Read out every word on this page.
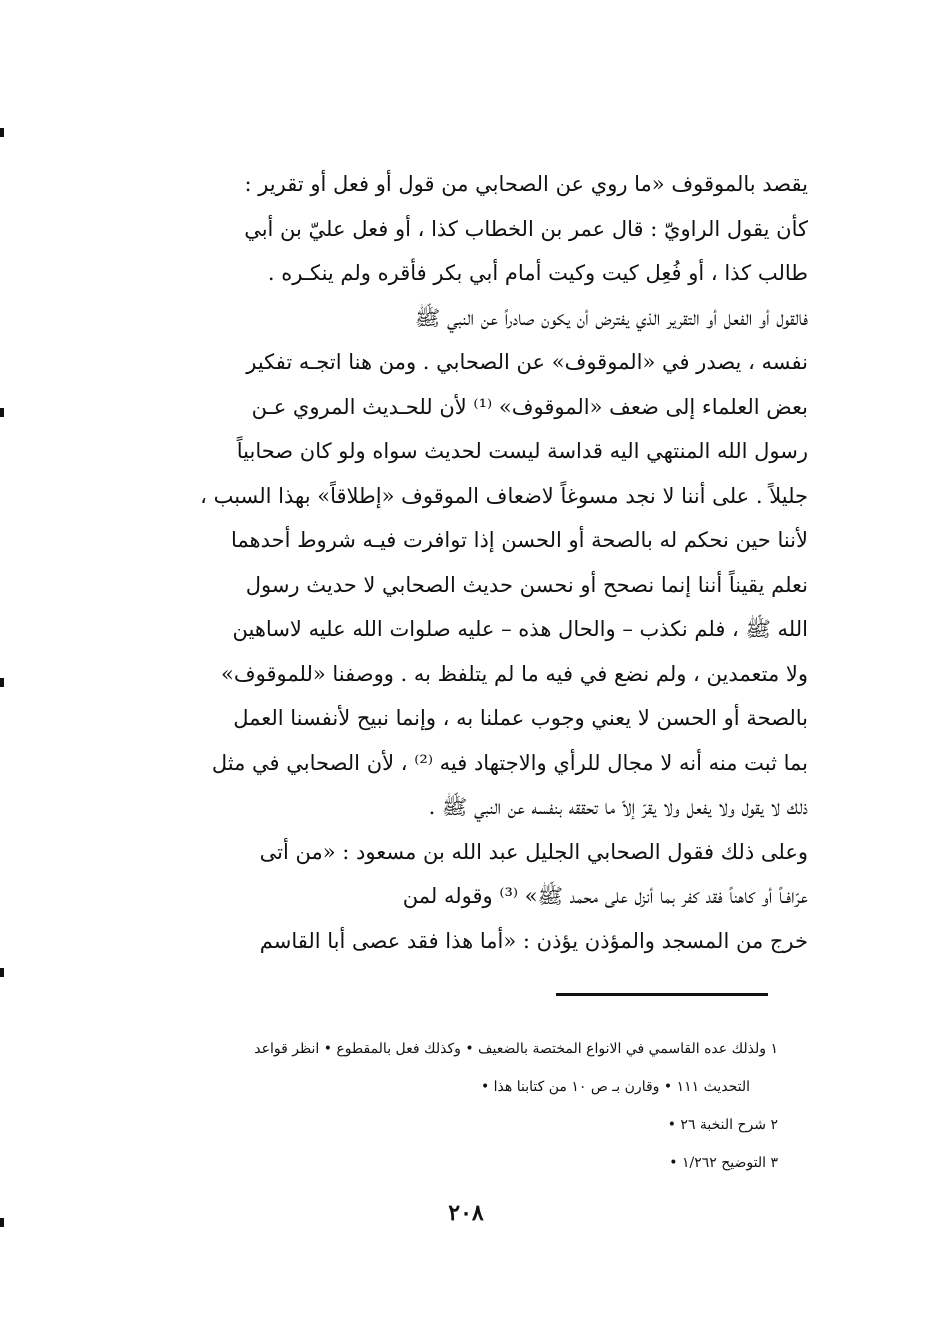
يقصد بالموقوف «ما روي عن الصحابي من قول أو فعل أو تقرير :
كأن يقول الراويّ : قال عمر بن الخطاب كذا ، أو فعل عليّ بن أبي
طالب كذا ، أو فُعِل كيت وكيت أمام أبي بكر فأقره ولم ينكـره .
فالقول أو الفعل أو التقرير الذي يفترض أن يكون صادراً عن النبي ﷺ
نفسه ، يصدر في «الموقوف» عن الصحابي . ومن هنا اتجـه تفكير
بعض العلماء إلى ضعف «الموقوف» ⁽¹⁾ لأن للحـديث المروي عـن
رسول الله المنتهي اليه قداسة ليست لحديث سواه ولو كان صحابياً
جليلاً . على أننا لا نجد مسوغاً لاضعاف الموقوف «إطلاقاً» بهذا السبب ،
لأننا حين نحكم له بالصحة أو الحسن إذا توافرت فيـه شروط أحدهما
نعلم يقيناً أننا إنما نصحح أو نحسن حديث الصحابي لا حديث رسول
الله ﷺ ، فلم نكذب – والحال هذه – عليه صلوات الله عليه لاساهين
ولا متعمدين ، ولم نضع في فيه ما لم يتلفظ به . ووصفنا «للموقوف»
بالصحة أو الحسن لا يعني وجوب عملنا به ، وإنما نبيح لأنفسنا العمل
بما ثبت منه أنه لا مجال للرأي والاجتهاد فيه ⁽²⁾ ، لأن الصحابي في مثل
ذلك لا يقول ولا يفعل ولا يقرّ إلاّ ما تحققه بنفسه عن النبي ﷺ .
وعلى ذلك فقول الصحابي الجليل عبد الله بن مسعود : «من أتى
عرّافـاً أو كاهناً فقد كفر بما أنزل على محمد ﷺ» ⁽³⁾ وقوله لمن
خرج من المسجد والمؤذن يؤذن : «أما هذا فقد عصى أبا القاسم
١ ولذلك عده القاسمي في الانواع المختصة بالضعيف • وكذلك فعل بالمقطوع • انظر قواعد
التحديث ١١١ • وقارن بـ ص ١٠ من كتابنا هذا •
٢ شرح النخبة ٢٦ •
٣ التوضيح ١/٢٦٢ •
٢٠٨
